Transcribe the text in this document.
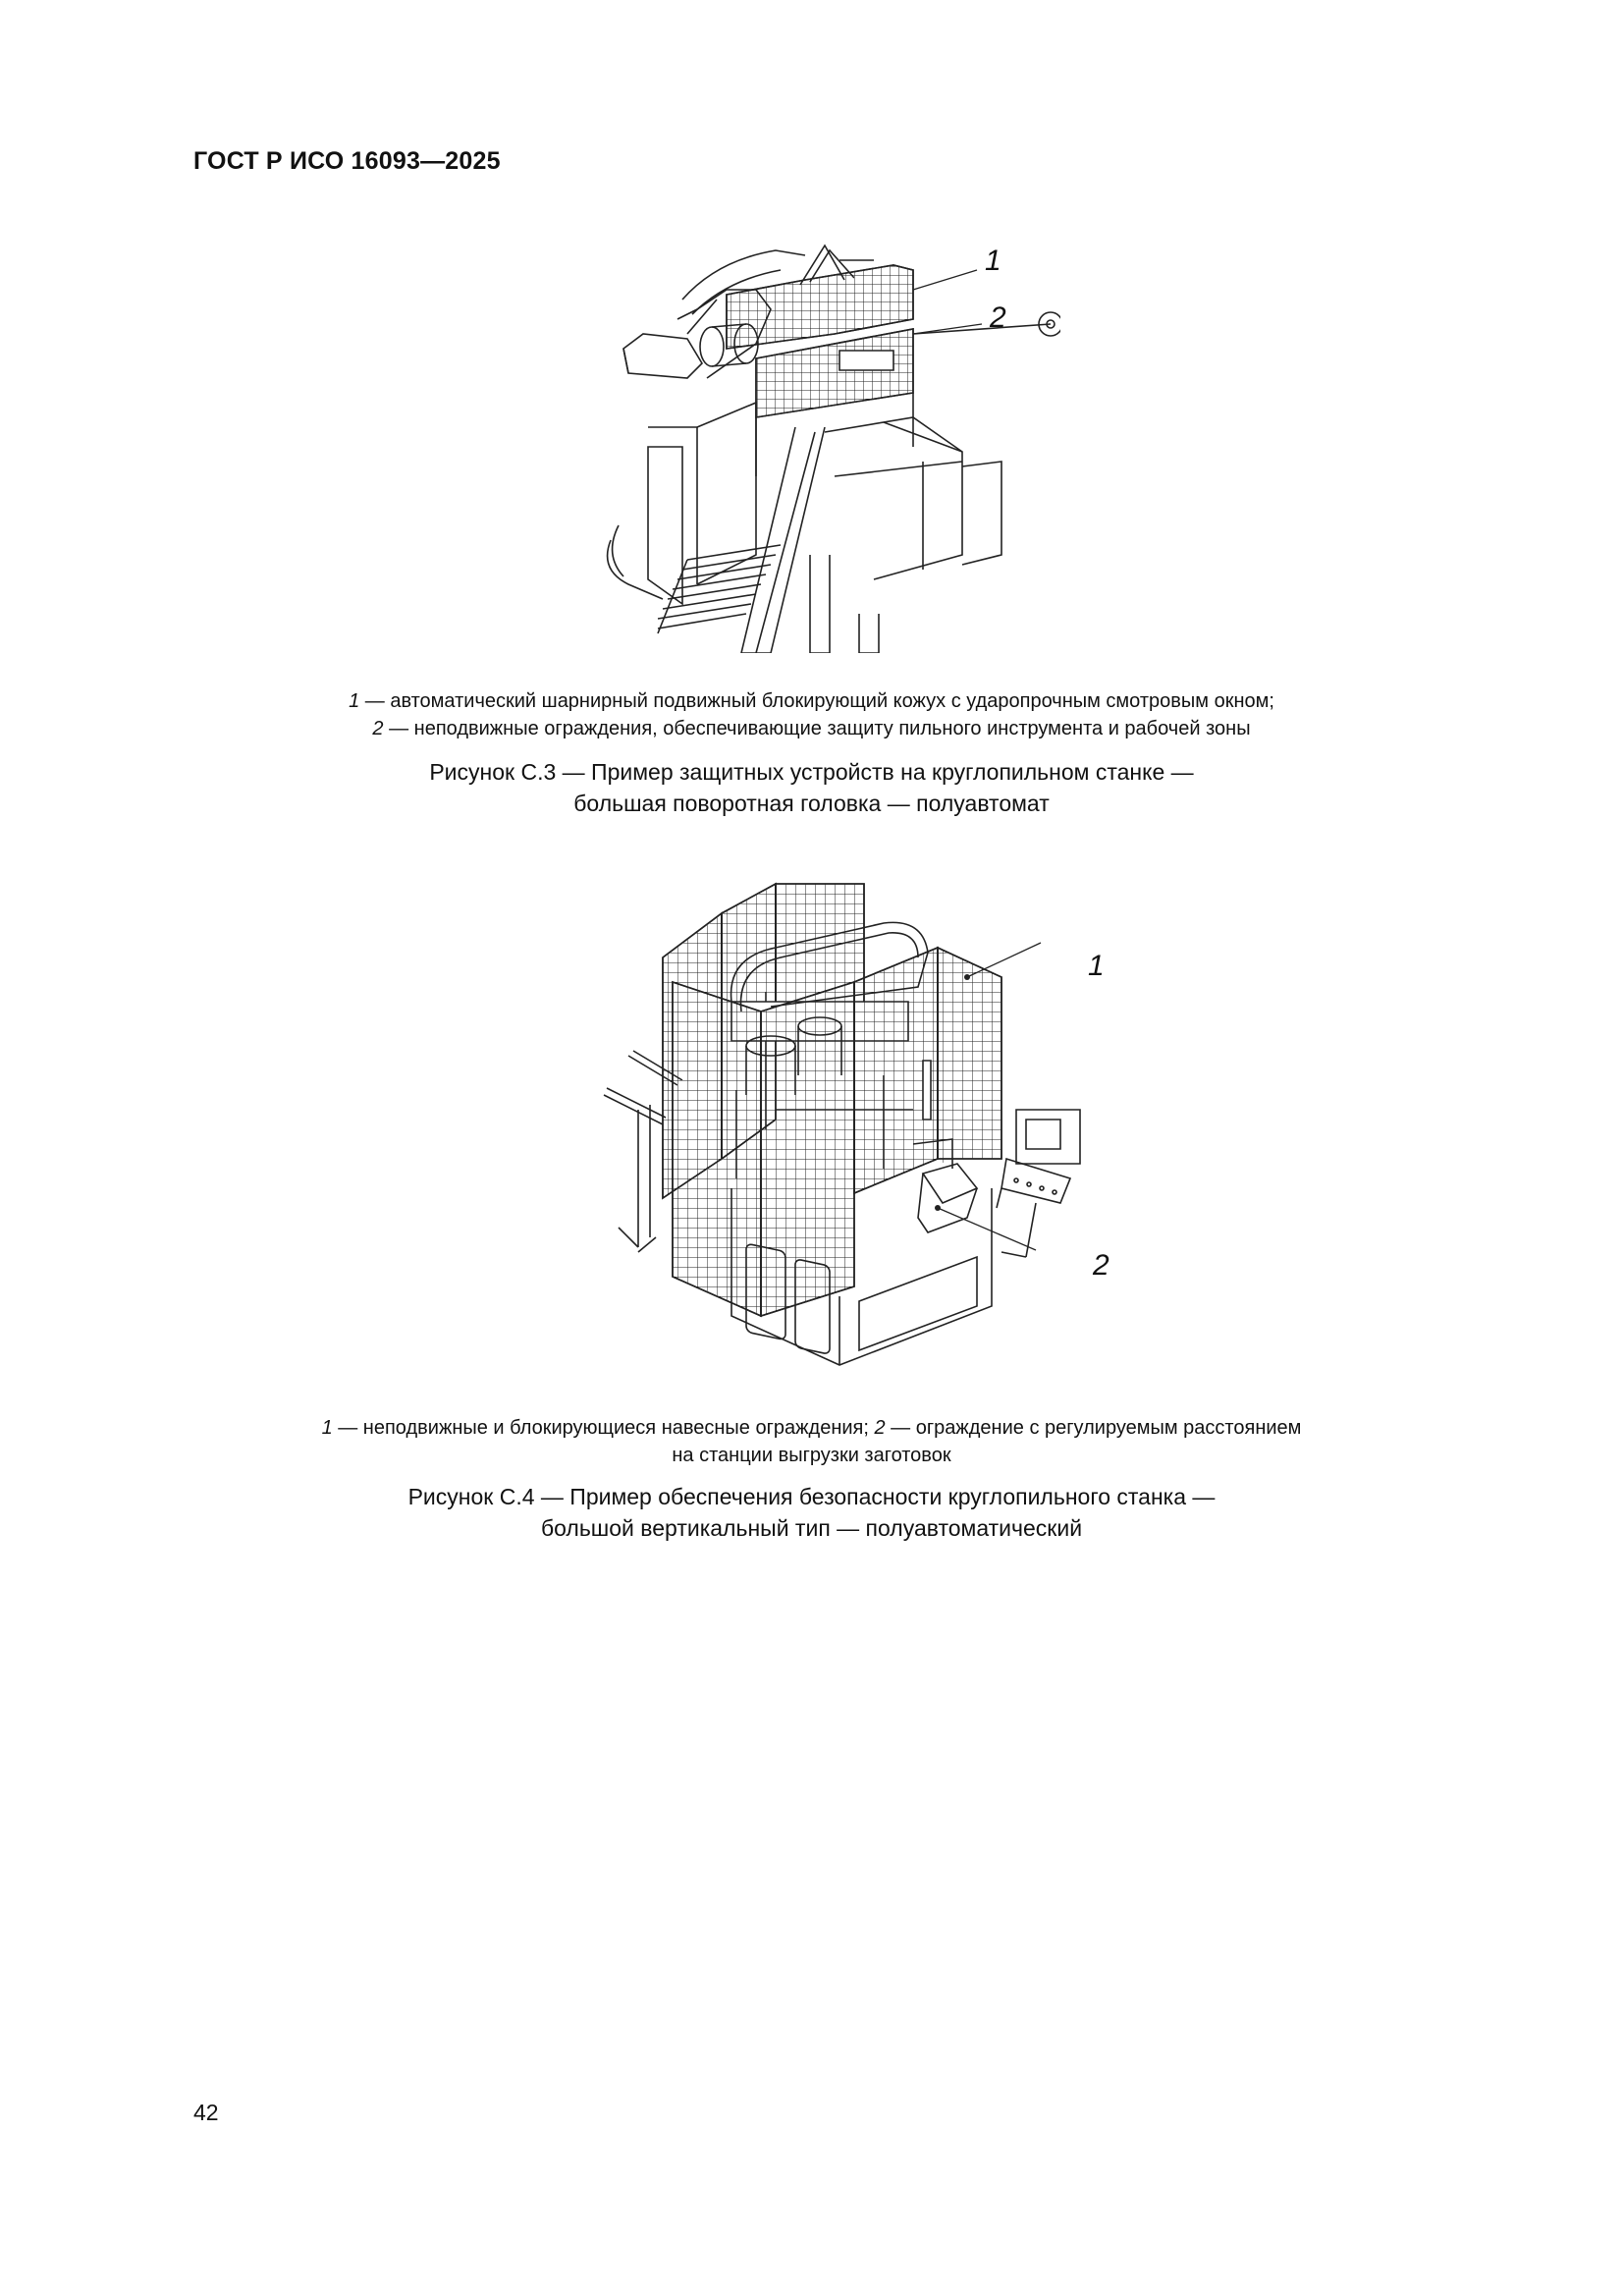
ГОСТ Р ИСО 16093—2025
1
2
1 — автоматический шарнирный подвижный блокирующий кожух с ударопрочным смотровым окном;
2 — неподвижные ограждения, обеспечивающие защиту пильного инструмента и рабочей зоны
Рисунок С.3 — Пример защитных устройств на круглопильном станке —
большая поворотная головка — полуавтомат
1
2
1 — неподвижные и блокирующиеся навесные ограждения; 2 — ограждение с регулируемым расстоянием
на станции выгрузки заготовок
Рисунок С.4 — Пример обеспечения безопасности круглопильного станка —
большой вертикальный тип — полуавтоматический
42
